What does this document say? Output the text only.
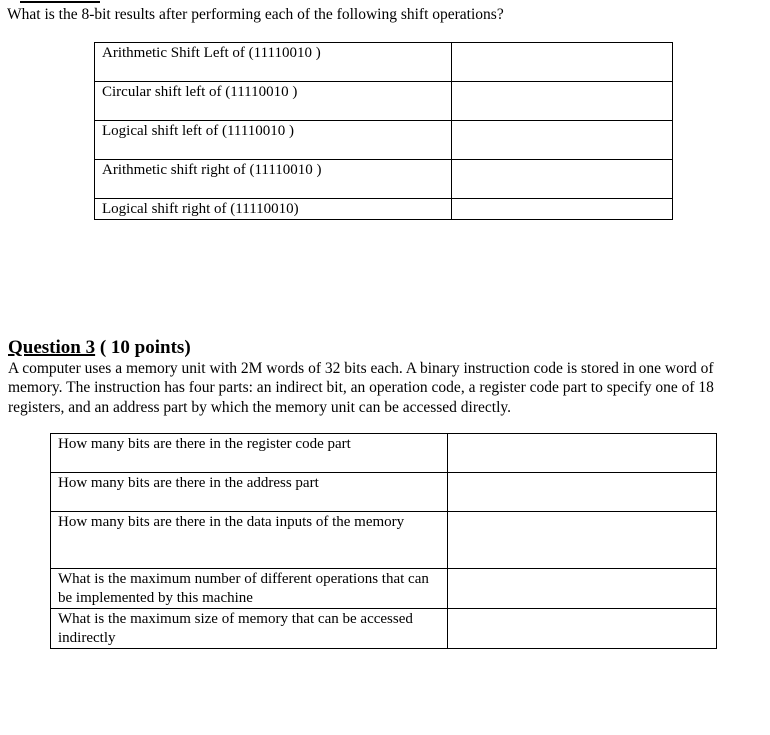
What is the 8-bit results after performing each of the following shift operations?
Arithmetic Shift Left of (11110010 )	
Circular shift left of (11110010 )	
Logical shift left of (11110010 )	
Arithmetic shift right of (11110010 )	
Logical shift right of (11110010)	
Question 3 ( 10 points)
A computer uses a memory unit with 2M words of 32 bits each. A binary instruction code is stored in one word of memory. The instruction has four parts: an indirect bit, an operation code, a register code part to specify one of 18 registers, and an address part by which the memory unit can be accessed directly.
How many bits are there in the register code part	
How many bits are there in the address part	
How many bits are there in the data inputs of the memory	
What is the maximum number of different operations that can be implemented by this machine	
What is the maximum size of memory that can be accessed indirectly	
